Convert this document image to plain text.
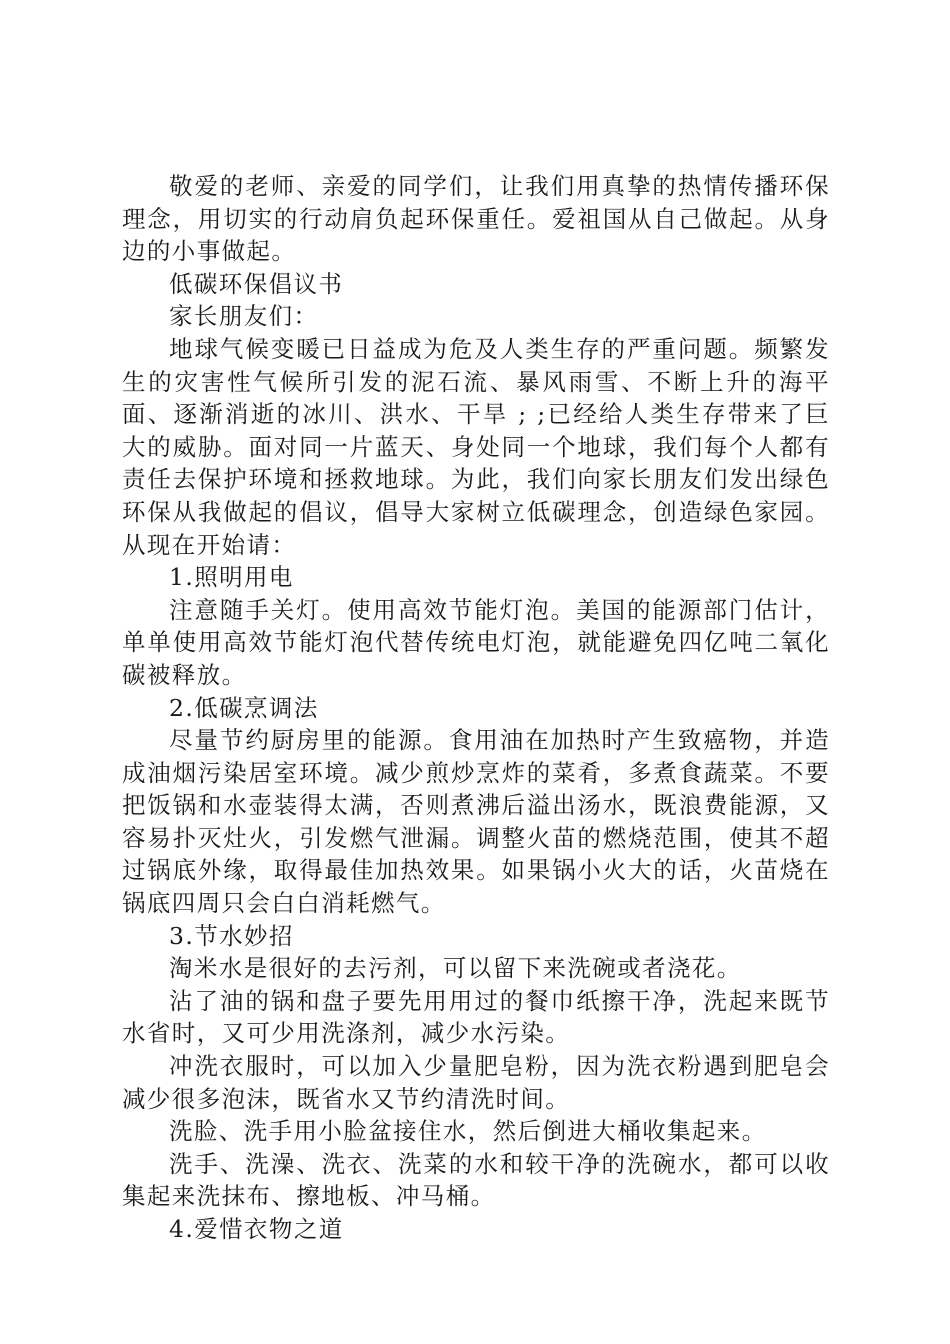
敬爱的老师、亲爱的同学们，让我们用真挚的热情传播环保理念，用切实的行动肩负起环保重任。爱祖国从自己做起。从身边的小事做起。

低碳环保倡议书

家长朋友们：

地球气候变暖已日益成为危及人类生存的严重问题。频繁发生的灾害性气候所引发的泥石流、暴风雨雪、不断上升的海平面、逐渐消逝的冰川、洪水、干旱 ; ;已经给人类生存带来了巨大的威胁。面对同一片蓝天、身处同一个地球，我们每个人都有责任去保护环境和拯救地球。为此，我们向家长朋友们发出绿色环保从我做起的倡议，倡导大家树立低碳理念，创造绿色家园。从现在开始请：

1.照明用电

注意随手关灯。使用高效节能灯泡。美国的能源部门估计，单单使用高效节能灯泡代替传统电灯泡，就能避免四亿吨二氧化碳被释放。

2.低碳烹调法

尽量节约厨房里的能源。食用油在加热时产生致癌物，并造成油烟污染居室环境。减少煎炒烹炸的菜肴，多煮食蔬菜。不要把饭锅和水壶装得太满，否则煮沸后溢出汤水，既浪费能源，又容易扑灭灶火，引发燃气泄漏。调整火苗的燃烧范围，使其不超过锅底外缘，取得最佳加热效果。如果锅小火大的话，火苗烧在锅底四周只会白白消耗燃气。

3.节水妙招

淘米水是很好的去污剂，可以留下来洗碗或者浇花。

沾了油的锅和盘子要先用用过的餐巾纸擦干净，洗起来既节水省时，又可少用洗涤剂，减少水污染。

冲洗衣服时，可以加入少量肥皂粉，因为洗衣粉遇到肥皂会减少很多泡沫，既省水又节约清洗时间。

洗脸、洗手用小脸盆接住水，然后倒进大桶收集起来。

洗手、洗澡、洗衣、洗菜的水和较干净的洗碗水，都可以收集起来洗抹布、擦地板、冲马桶。

4.爱惜衣物之道
